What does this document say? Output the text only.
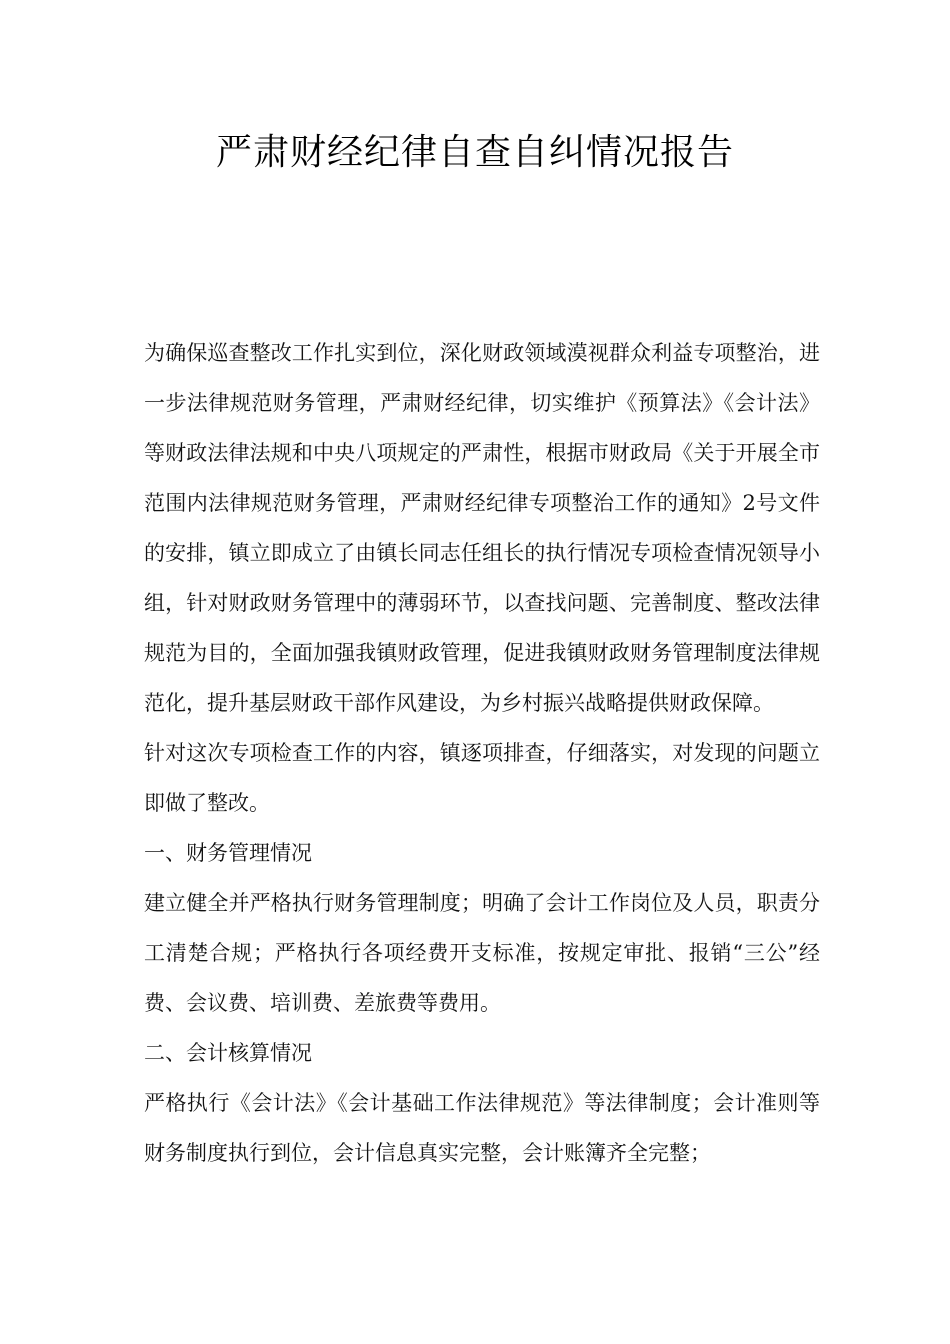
严肃财经纪律自查自纠情况报告

为确保巡查整改工作扎实到位，深化财政领域漠视群众利益专项整治，进一步法律规范财务管理，严肃财经纪律，切实维护《预算法》《会计法》等财政法律法规和中央八项规定的严肃性，根据市财政局《关于开展全市范围内法律规范财务管理，严肃财经纪律专项整治工作的通知》2号文件的安排，镇立即成立了由镇长同志任组长的执行情况专项检查情况领导小组，针对财政财务管理中的薄弱环节，以查找问题、完善制度、整改法律规范为目的，全面加强我镇财政管理，促进我镇财政财务管理制度法律规范化，提升基层财政干部作风建设，为乡村振兴战略提供财政保障。

针对这次专项检查工作的内容，镇逐项排查，仔细落实，对发现的问题立即做了整改。

一、财务管理情况

建立健全并严格执行财务管理制度；明确了会计工作岗位及人员，职责分工清楚合规；严格执行各项经费开支标准，按规定审批、报销“三公”经费、会议费、培训费、差旅费等费用。

二、会计核算情况

严格执行《会计法》《会计基础工作法律规范》等法律制度；会计准则等财务制度执行到位，会计信息真实完整，会计账簿齐全完整；
